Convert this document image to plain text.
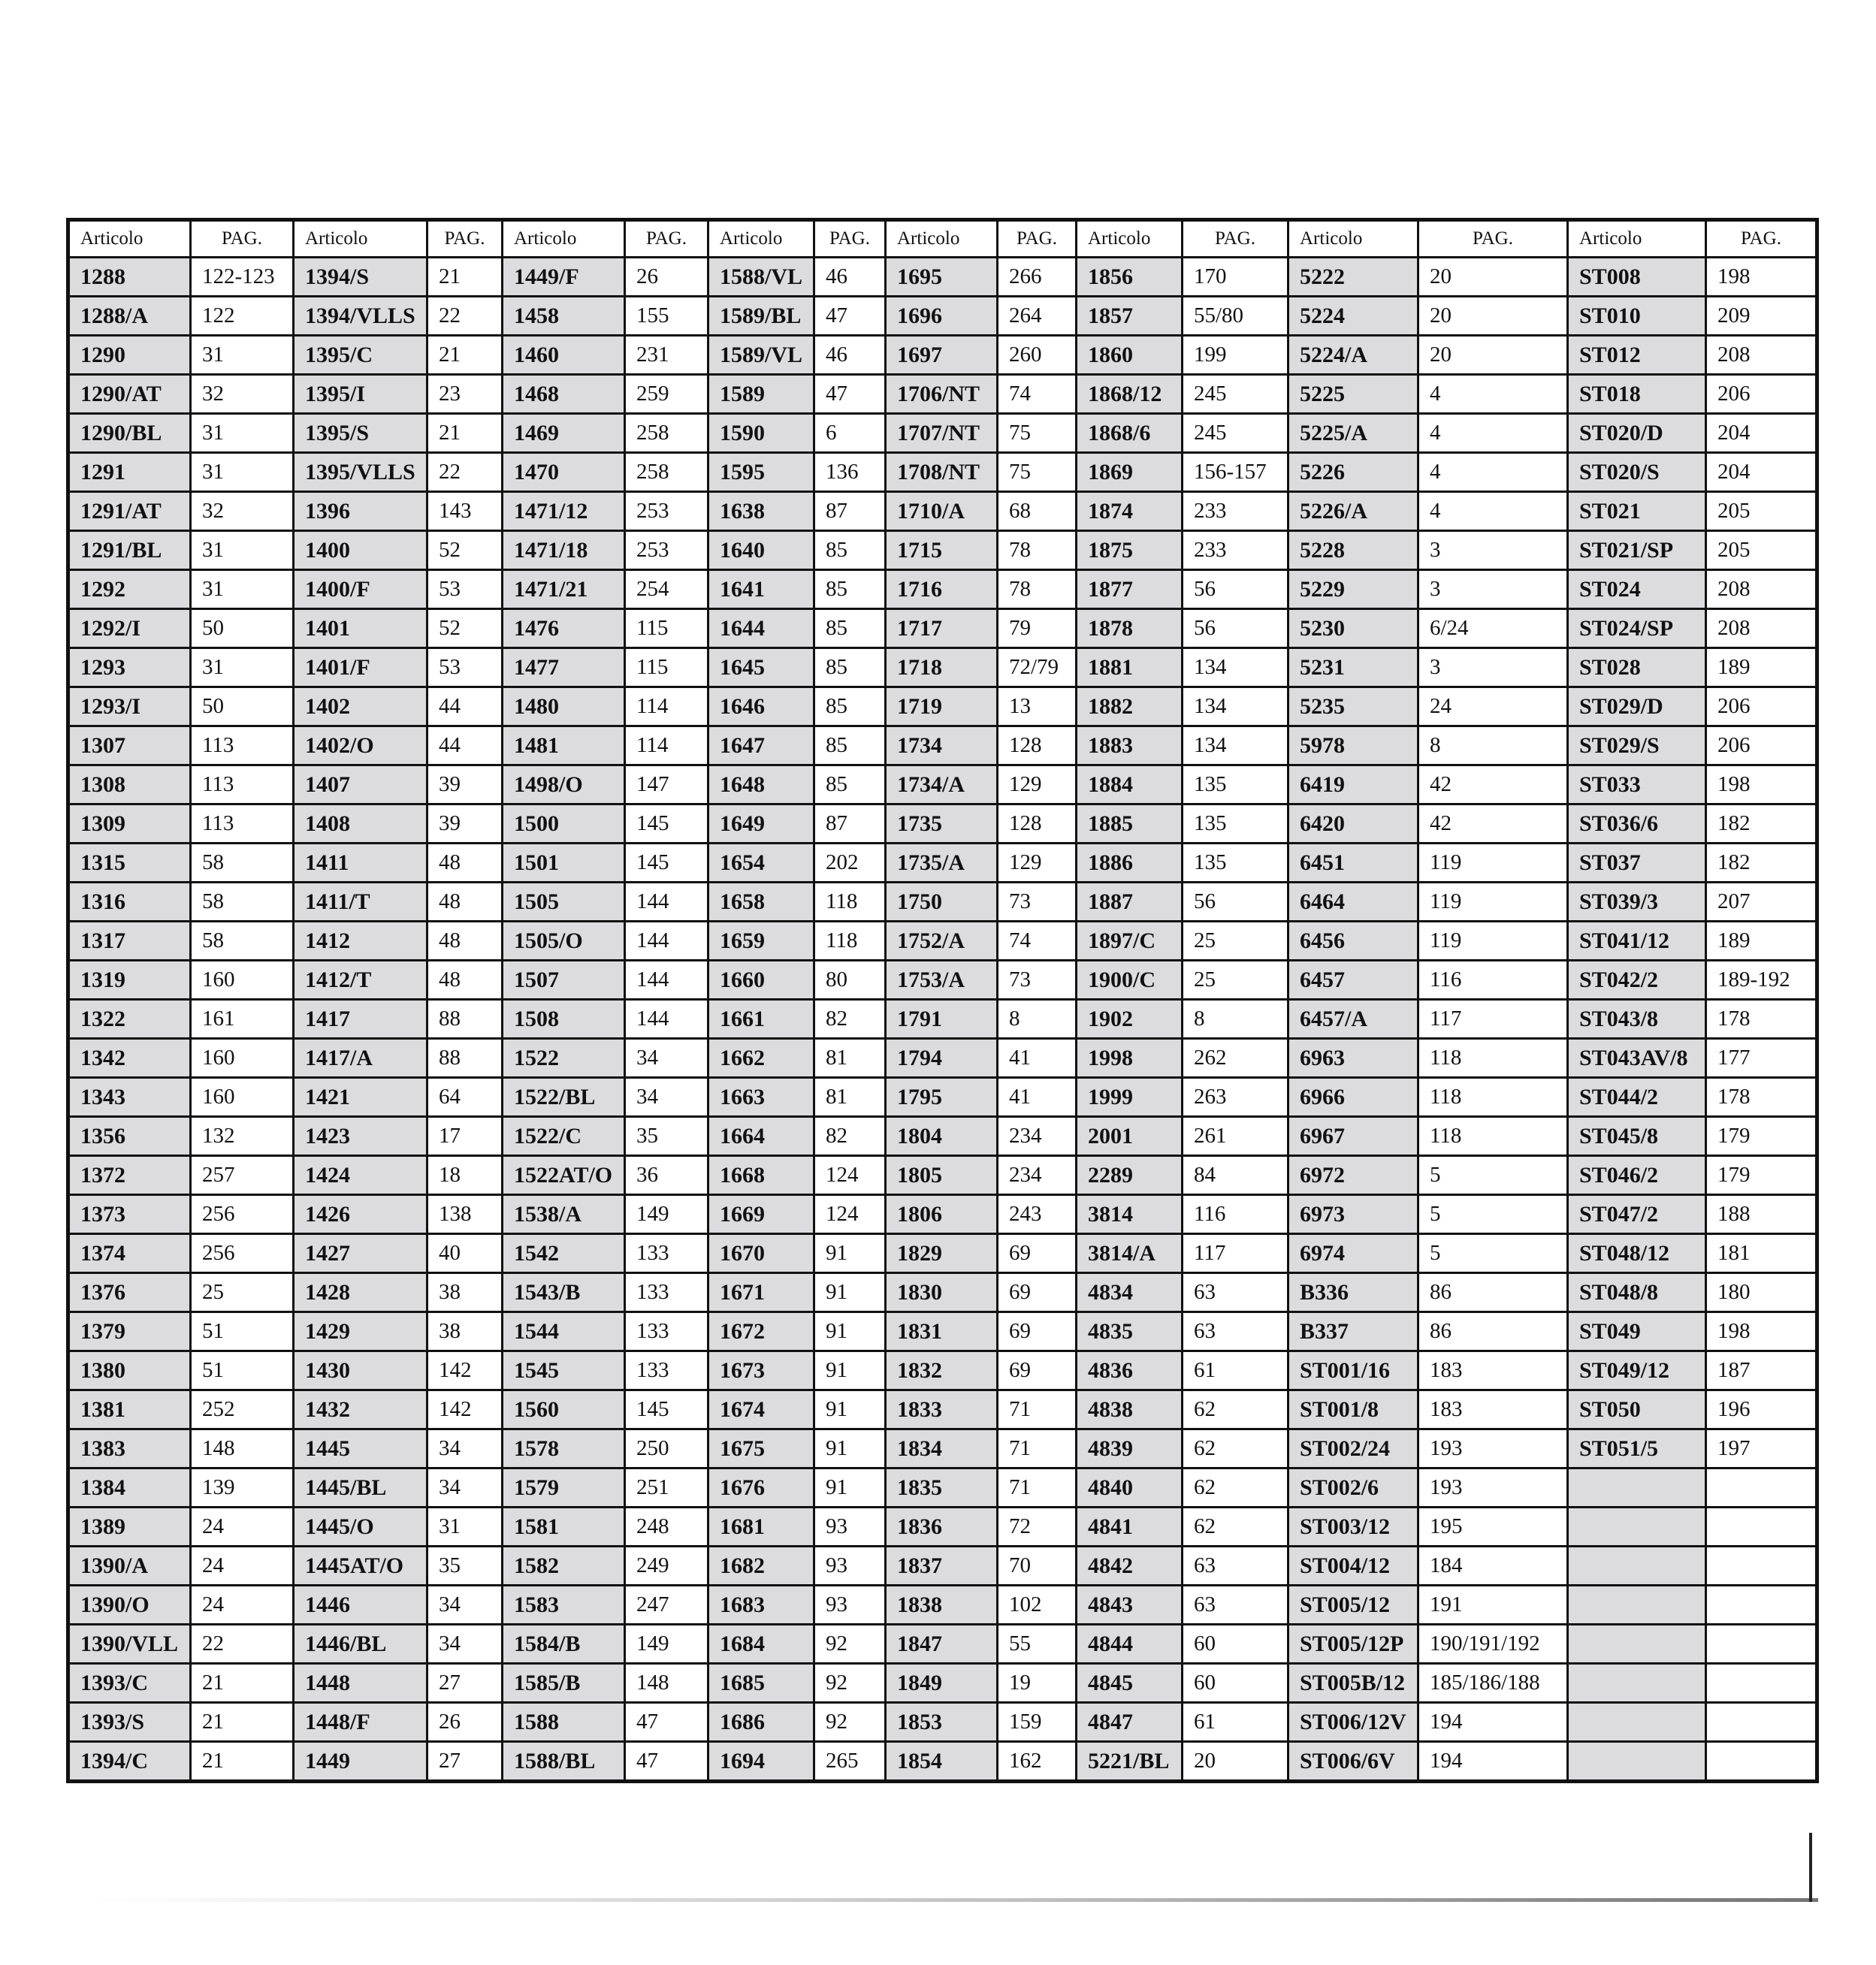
Articolo	PAG.	Articolo	PAG.	Articolo	PAG.	Articolo	PAG.	Articolo	PAG.	Articolo	PAG.	Articolo	PAG.	Articolo	PAG.
1288	122-123	1394/S	21	1449/F	26	1588/VL	46	1695	266	1856	170	5222	20	ST008	198
1288/A	122	1394/VLLS	22	1458	155	1589/BL	47	1696	264	1857	55/80	5224	20	ST010	209
1290	31	1395/C	21	1460	231	1589/VL	46	1697	260	1860	199	5224/A	20	ST012	208
1290/AT	32	1395/I	23	1468	259	1589	47	1706/NT	74	1868/12	245	5225	4	ST018	206
1290/BL	31	1395/S	21	1469	258	1590	6	1707/NT	75	1868/6	245	5225/A	4	ST020/D	204
1291	31	1395/VLLS	22	1470	258	1595	136	1708/NT	75	1869	156-157	5226	4	ST020/S	204
1291/AT	32	1396	143	1471/12	253	1638	87	1710/A	68	1874	233	5226/A	4	ST021	205
1291/BL	31	1400	52	1471/18	253	1640	85	1715	78	1875	233	5228	3	ST021/SP	205
1292	31	1400/F	53	1471/21	254	1641	85	1716	78	1877	56	5229	3	ST024	208
1292/I	50	1401	52	1476	115	1644	85	1717	79	1878	56	5230	6/24	ST024/SP	208
1293	31	1401/F	53	1477	115	1645	85	1718	72/79	1881	134	5231	3	ST028	189
1293/I	50	1402	44	1480	114	1646	85	1719	13	1882	134	5235	24	ST029/D	206
1307	113	1402/O	44	1481	114	1647	85	1734	128	1883	134	5978	8	ST029/S	206
1308	113	1407	39	1498/O	147	1648	85	1734/A	129	1884	135	6419	42	ST033	198
1309	113	1408	39	1500	145	1649	87	1735	128	1885	135	6420	42	ST036/6	182
1315	58	1411	48	1501	145	1654	202	1735/A	129	1886	135	6451	119	ST037	182
1316	58	1411/T	48	1505	144	1658	118	1750	73	1887	56	6464	119	ST039/3	207
1317	58	1412	48	1505/O	144	1659	118	1752/A	74	1897/C	25	6456	119	ST041/12	189
1319	160	1412/T	48	1507	144	1660	80	1753/A	73	1900/C	25	6457	116	ST042/2	189-192
1322	161	1417	88	1508	144	1661	82	1791	8	1902	8	6457/A	117	ST043/8	178
1342	160	1417/A	88	1522	34	1662	81	1794	41	1998	262	6963	118	ST043AV/8	177
1343	160	1421	64	1522/BL	34	1663	81	1795	41	1999	263	6966	118	ST044/2	178
1356	132	1423	17	1522/C	35	1664	82	1804	234	2001	261	6967	118	ST045/8	179
1372	257	1424	18	1522AT/O	36	1668	124	1805	234	2289	84	6972	5	ST046/2	179
1373	256	1426	138	1538/A	149	1669	124	1806	243	3814	116	6973	5	ST047/2	188
1374	256	1427	40	1542	133	1670	91	1829	69	3814/A	117	6974	5	ST048/12	181
1376	25	1428	38	1543/B	133	1671	91	1830	69	4834	63	B336	86	ST048/8	180
1379	51	1429	38	1544	133	1672	91	1831	69	4835	63	B337	86	ST049	198
1380	51	1430	142	1545	133	1673	91	1832	69	4836	61	ST001/16	183	ST049/12	187
1381	252	1432	142	1560	145	1674	91	1833	71	4838	62	ST001/8	183	ST050	196
1383	148	1445	34	1578	250	1675	91	1834	71	4839	62	ST002/24	193	ST051/5	197
1384	139	1445/BL	34	1579	251	1676	91	1835	71	4840	62	ST002/6	193		
1389	24	1445/O	31	1581	248	1681	93	1836	72	4841	62	ST003/12	195		
1390/A	24	1445AT/O	35	1582	249	1682	93	1837	70	4842	63	ST004/12	184		
1390/O	24	1446	34	1583	247	1683	93	1838	102	4843	63	ST005/12	191		
1390/VLL	22	1446/BL	34	1584/B	149	1684	92	1847	55	4844	60	ST005/12P	190/191/192		
1393/C	21	1448	27	1585/B	148	1685	92	1849	19	4845	60	ST005B/12	185/186/188		
1393/S	21	1448/F	26	1588	47	1686	92	1853	159	4847	61	ST006/12V	194		
1394/C	21	1449	27	1588/BL	47	1694	265	1854	162	5221/BL	20	ST006/6V	194		
